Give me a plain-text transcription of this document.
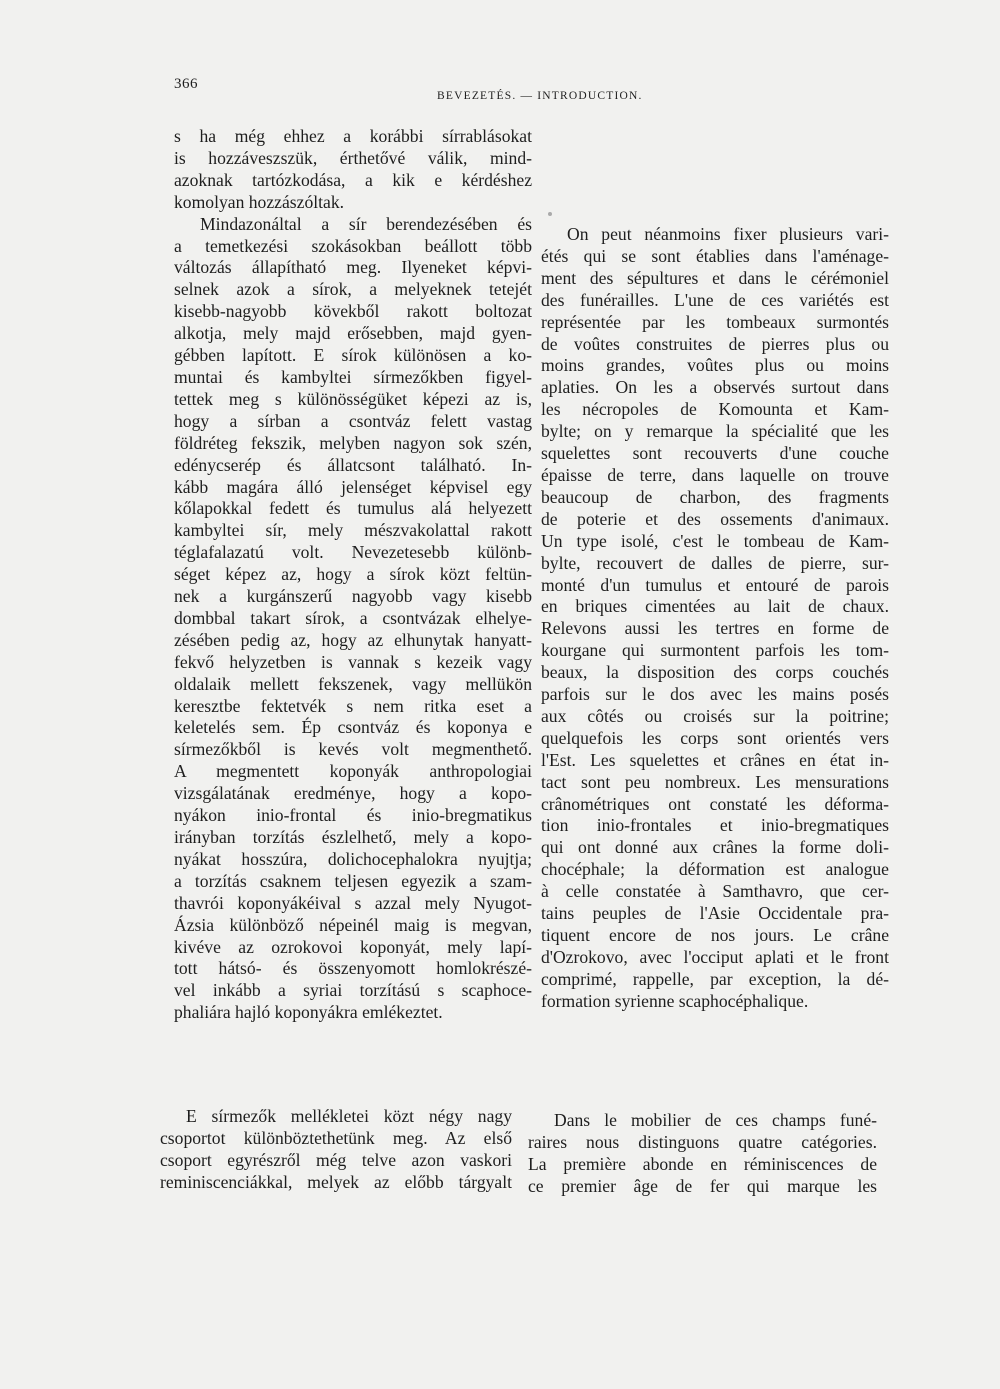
366
BEVEZETÉS. — INTRODUCTION.
s ha még ehhez a korábbi sírrablásokat
is hozzáveszszük, érthetővé válik, mind-
azoknak tartózkodása, a kik e kérdéshez
komolyan hozzászóltak.
Mindazonáltal a sír berendezésében és
a temetkezési szokásokban beállott több
változás állapítható meg. Ilyeneket képvi-
selnek azok a sírok, a melyeknek tetejét
kisebb-nagyobb kövekből rakott boltozat
alkotja, mely majd erősebben, majd gyen-
gébben lapított. E sírok különösen a ko-
muntai és kambyltei sírmezőkben figyel-
tettek meg s különösségüket képezi az is,
hogy a sírban a csontváz felett vastag
földréteg fekszik, melyben nagyon sok szén,
edénycserép és állatcsont található. In-
kább magára álló jelenséget képvisel egy
kőlapokkal fedett és tumulus alá helyezett
kambyltei sír, mely mészvakolattal rakott
téglafalazatú volt. Nevezetesebb különb-
séget képez az, hogy a sírok közt feltün-
nek a kurgánszerű nagyobb vagy kisebb
dombbal takart sírok, a csontvázak elhelye-
zésében pedig az, hogy az elhunytak hanyatt-
fekvő helyzetben is vannak s kezeik vagy
oldalaik mellett fekszenek, vagy mellükön
keresztbe fektetvék s nem ritka eset a
keletelés sem. Ép csontváz és koponya e
sírmezőkből is kevés volt megmenthető.
A megmentett koponyák anthropologiai
vizsgálatának eredménye, hogy a kopo-
nyákon inio-frontal és inio-bregmatikus
irányban torzítás észlelhető, mely a kopo-
nyákat hosszúra, dolichocephalokra nyujtja;
a torzítás csaknem teljesen egyezik a szam-
thavrói koponyákéival s azzal mely Nyugot-
Ázsia különböző népeinél maig is megvan,
kivéve az ozrokovoi koponyát, mely lapí-
tott hátsó- és összenyomott homlokrészé-
vel inkább a syriai torzítású s scaphoce-
phaliára hajló koponyákra emlékeztet.
On peut néanmoins fixer plusieurs vari-
étés qui se sont établies dans l'aménage-
ment des sépultures et dans le cérémoniel
des funérailles. L'une de ces variétés est
représentée par les tombeaux surmontés
de voûtes construites de pierres plus ou
moins grandes, voûtes plus ou moins
aplaties. On les a observés surtout dans
les nécropoles de Komounta et Kam-
bylte; on y remarque la spécialité que les
squelettes sont recouverts d'une couche
épaisse de terre, dans laquelle on trouve
beaucoup de charbon, des fragments
de poterie et des ossements d'animaux.
Un type isolé, c'est le tombeau de Kam-
bylte, recouvert de dalles de pierre, sur-
monté d'un tumulus et entouré de parois
en briques cimentées au lait de chaux.
Relevons aussi les tertres en forme de
kourgane qui surmontent parfois les tom-
beaux, la disposition des corps couchés
parfois sur le dos avec les mains posés
aux côtés ou croisés sur la poitrine;
quelquefois les corps sont orientés vers
l'Est. Les squelettes et crânes en état in-
tact sont peu nombreux. Les mensurations
crânométriques ont constaté les déforma-
tion inio-frontales et inio-bregmatiques
qui ont donné aux crânes la forme doli-
chocéphale; la déformation est analogue
à celle constatée à Samthavro, que cer-
tains peuples de l'Asie Occidentale pra-
tiquent encore de nos jours. Le crâne
d'Ozrokovo, avec l'occiput aplati et le front
comprimé, rappelle, par exception, la dé-
formation syrienne scaphocéphalique.
E sírmezők mellékletei közt négy nagy
csoportot különböztethetünk meg. Az első
csoport egyrészről még telve azon vaskori
reminiscenciákkal, melyek az előbb tárgyalt
Dans le mobilier de ces champs funé-
raires nous distinguons quatre catégories.
La première abonde en réminiscences de
ce premier âge de fer qui marque les
